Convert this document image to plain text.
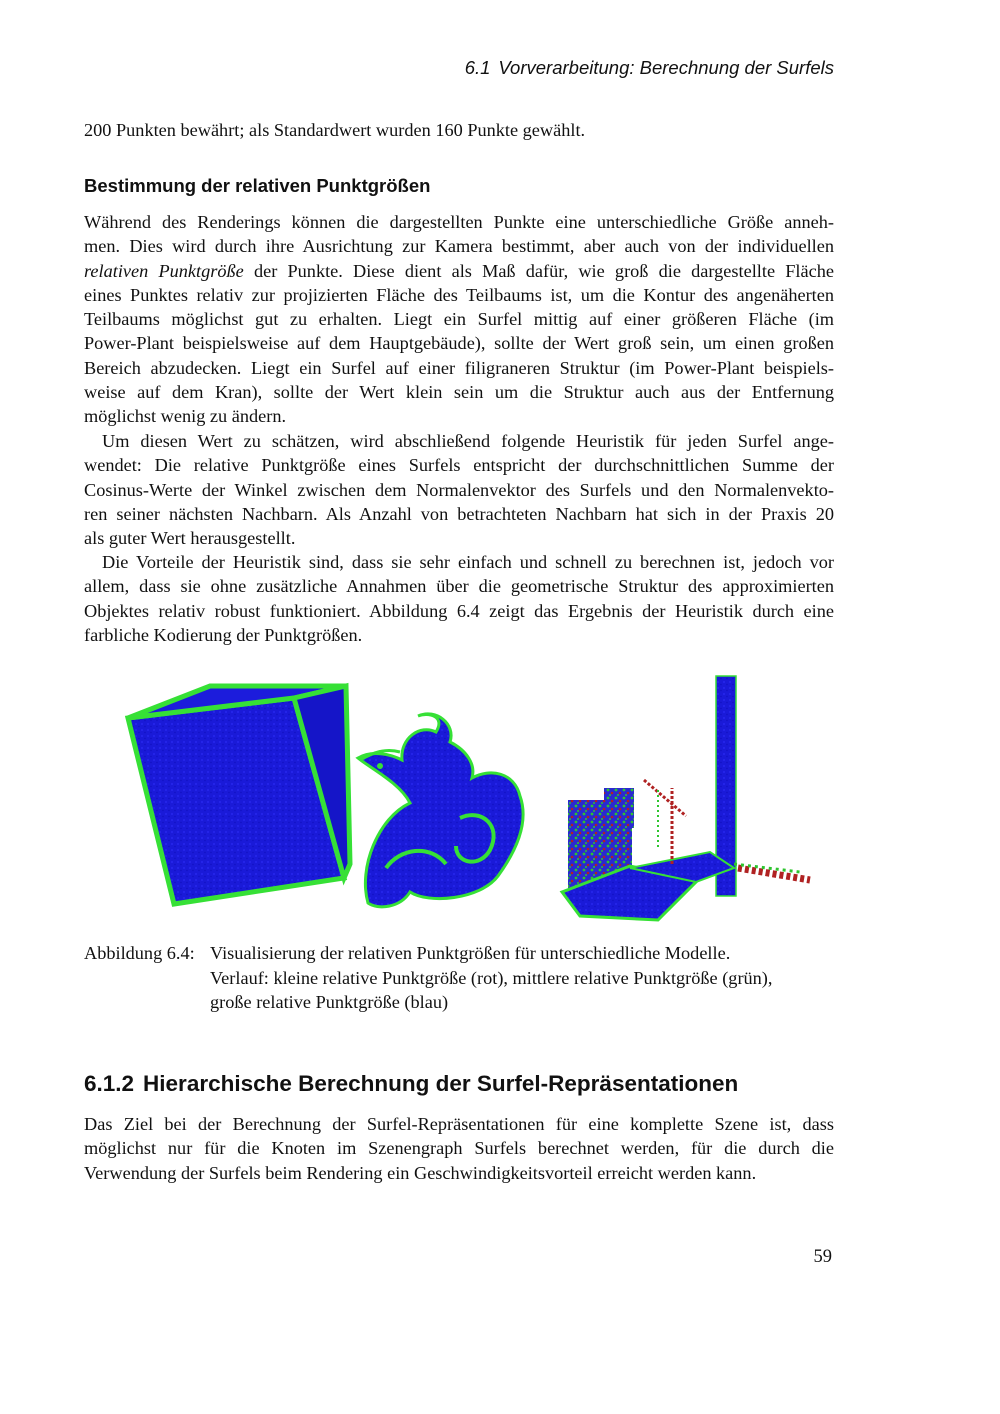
6.1 Vorverarbeitung: Berechnung der Surfels

200 Punkten bewährt; als Standardwert wurden 160 Punkte gewählt.

Bestimmung der relativen Punktgrößen

Während des Renderings können die dargestellten Punkte eine unterschiedliche Größe anneh-
men. Dies wird durch ihre Ausrichtung zur Kamera bestimmt, aber auch von der individuellen
relativen Punktgröße der Punkte. Diese dient als Maß dafür, wie groß die dargestellte Fläche
eines Punktes relativ zur projizierten Fläche des Teilbaums ist, um die Kontur des angenäherten
Teilbaums möglichst gut zu erhalten. Liegt ein Surfel mittig auf einer größeren Fläche (im
Power-Plant beispielsweise auf dem Hauptgebäude), sollte der Wert groß sein, um einen großen
Bereich abzudecken. Liegt ein Surfel auf einer filigraneren Struktur (im Power-Plant beispiels-
weise auf dem Kran), sollte der Wert klein sein um die Struktur auch aus der Entfernung
möglichst wenig zu ändern.

Um diesen Wert zu schätzen, wird abschließend folgende Heuristik für jeden Surfel ange-
wendet: Die relative Punktgröße eines Surfels entspricht der durchschnittlichen Summe der
Cosinus-Werte der Winkel zwischen dem Normalenvektor des Surfels und den Normalenvekto-
ren seiner nächsten Nachbarn. Als Anzahl von betrachteten Nachbarn hat sich in der Praxis 20
als guter Wert herausgestellt.

Die Vorteile der Heuristik sind, dass sie sehr einfach und schnell zu berechnen ist, jedoch vor
allem, dass sie ohne zusätzliche Annahmen über die geometrische Struktur des approximierten
Objektes relativ robust funktioniert. Abbildung 6.4 zeigt das Ergebnis der Heuristik durch eine
farbliche Kodierung der Punktgrößen.

Abbildung 6.4: Visualisierung der relativen Punktgrößen für unterschiedliche Modelle.
Verlauf: kleine relative Punktgröße (rot), mittlere relative Punktgröße (grün),
große relative Punktgröße (blau)
6.1.2 Hierarchische Berechnung der Surfel-Repräsentationen

Das Ziel bei der Berechnung der Surfel-Repräsentationen für eine komplette Szene ist, dass
möglichst nur für die Knoten im Szenengraph Surfels berechnet werden, für die durch die
Verwendung der Surfels beim Rendering ein Geschwindigkeitsvorteil erreicht werden kann.

59
